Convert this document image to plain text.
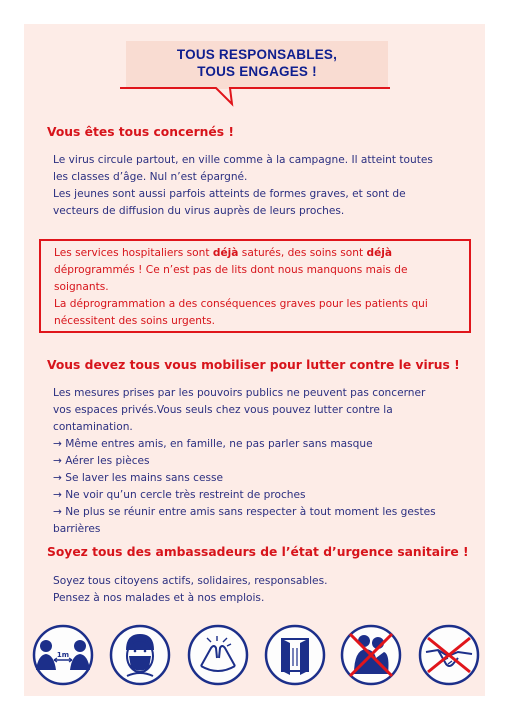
TOUS RESPONSABLES,
TOUS ENGAGES !
Vous êtes tous concernés !

Le virus circule partout, en ville comme à la campagne. Il atteint toutes
les classes d’âge. Nul n’est épargné.
Les jeunes sont aussi parfois atteints de formes graves, et sont de
vecteurs de diffusion du virus auprès de leurs proches.

Les services hospitaliers sont déjà saturés, des soins sont déjà
déprogrammés ! Ce n’est pas de lits dont nous manquons mais de
soignants.
La déprogrammation a des conséquences graves pour les patients qui
nécessitent des soins urgents.

Vous devez tous vous mobiliser pour lutter contre le virus !

Les mesures prises par les pouvoirs publics ne peuvent pas concerner
vos espaces privés.Vous seuls chez vous pouvez lutter contre la
contamination.
→ Même entres amis, en famille, ne pas parler sans masque
→ Aérer les pièces
→ Se laver les mains sans cesse
→ Ne voir qu’un cercle très restreint de proches
→ Ne plus se réunir entre amis sans respecter à tout moment les gestes
barrières

Soyez tous des ambassadeurs de l’état d’urgence sanitaire !

Soyez tous citoyens actifs, solidaires, responsables.
Pensez à nos malades et à nos emplois.

1m
